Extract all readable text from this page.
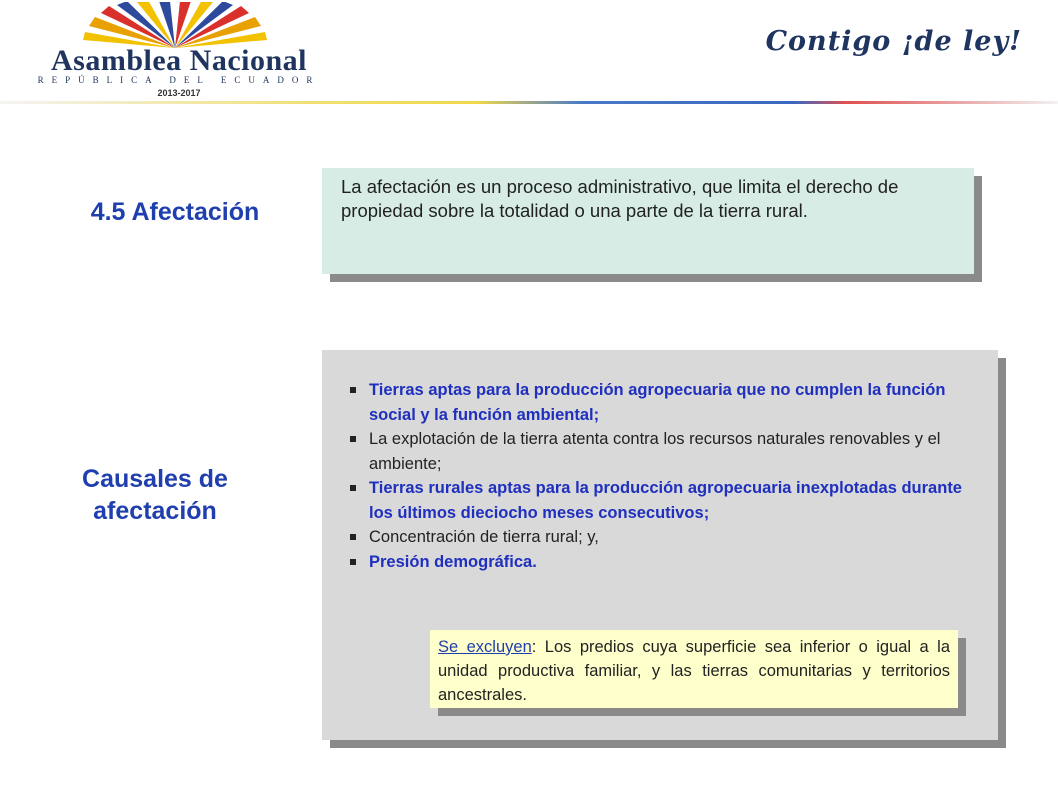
Asamblea Nacional
REPÚBLICA DEL ECUADOR
2013-2017
Contigo ¡de ley!
4.5 Afectación
La afectación es un proceso administrativo, que limita el derecho de propiedad sobre la totalidad o una parte de la tierra rural.
Causales de afectación
Tierras aptas para la producción agropecuaria que no cumplen la función social y la función ambiental;
La explotación de la tierra atenta contra los recursos naturales renovables y el ambiente;
Tierras rurales aptas para la producción agropecuaria inexplotadas durante los últimos dieciocho meses consecutivos;
Concentración de tierra rural; y,
Presión demográfica.
Se excluyen: Los predios cuya superficie sea inferior o igual a la unidad productiva familiar, y las tierras comunitarias y territorios ancestrales.
